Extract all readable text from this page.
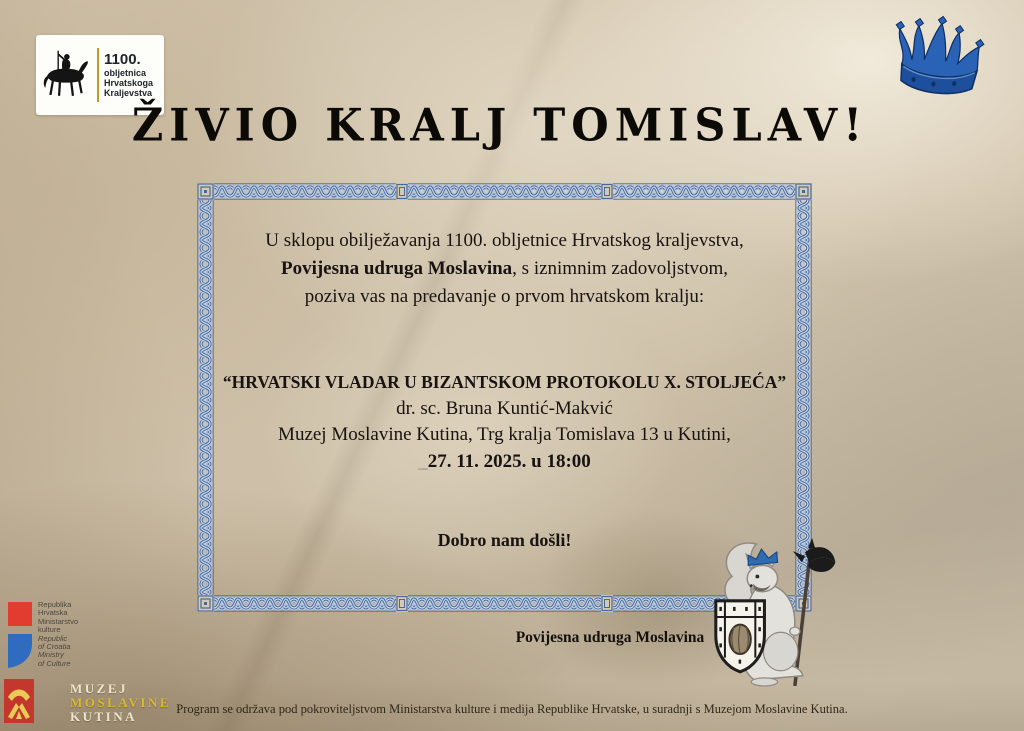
1100.
obljetnica
Hrvatskoga
Kraljevstva
ŽIVIO KRALJ TOMISLAV!
U sklopu obilježavanja 1100. obljetnice Hrvatskog kraljevstva,
Povijesna udruga Moslavina, s iznimnim zadovoljstvom,
poziva vas na predavanje o prvom hrvatskom kralju:
“HRVATSKI VLADAR U BIZANTSKOM PROTOKOLU X. STOLJEĆA”
dr. sc. Bruna Kuntić-Makvić
Muzej Moslavine Kutina, Trg kralja Tomislava 13 u Kutini,
_27. 11. 2025. u 18:00
Dobro nam došli!
Povijesna udruga Moslavina
Republika
Hrvatska
Ministarstvo
kulture
Republic
of Croatia
Ministry
of Culture
MUZEJ
MOSLAVINE
KUTINA	Program se održava pod pokroviteljstvom Ministarstva kulture i medija Republike Hrvatske, u suradnji s Muzejom Moslavine Kutina.
